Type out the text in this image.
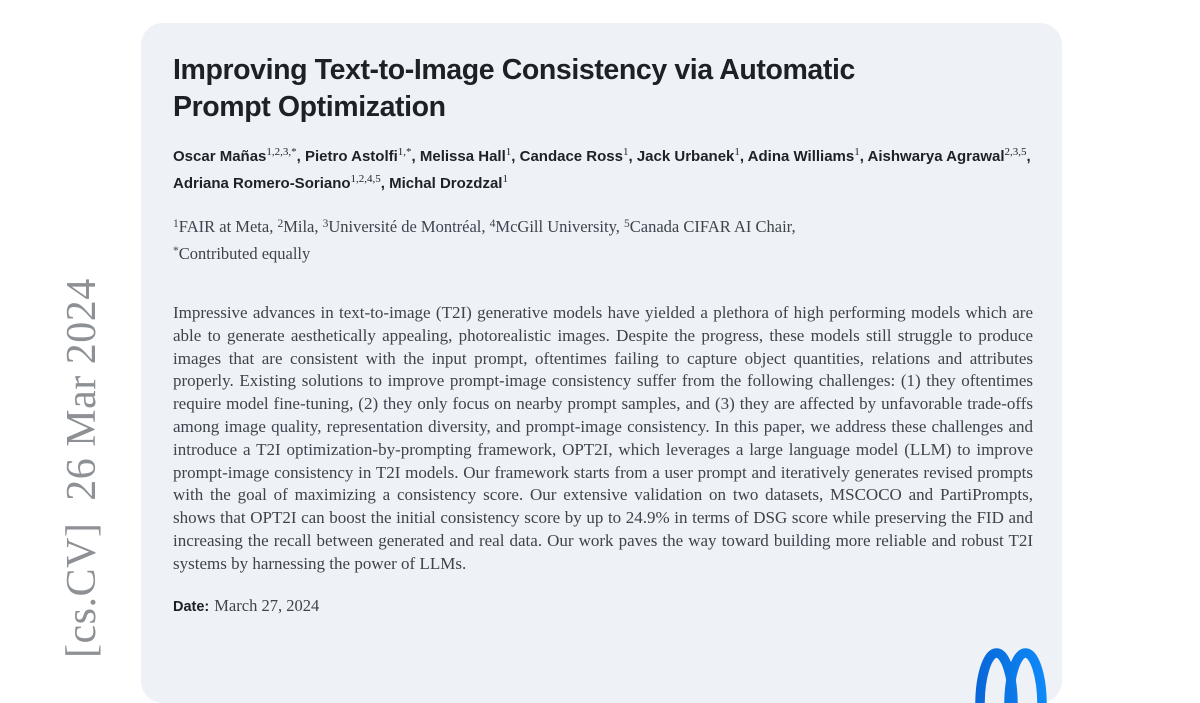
[cs.CV]  26 Mar 2024
Improving Text-to-Image Consistency via Automatic Prompt Optimization
Oscar Mañas$^{1,2,3,*}$ , Pietro Astolfi$^{1,*}$ , Melissa Hall$^1$ , Candace Ross$^1$ , Jack Urbanek$^1$ , Adina Williams$^1$ , Aishwarya Agrawal$^{2,3,5}$ , Adriana Romero-Soriano$^{1,2,4,5}$ , Michal Drozdzal$^1$
$^1$FAIR at Meta , $^2$Mila , $^3$Université de Montréal , $^4$McGill University , $^5$Canada CIFAR AI Chair ,
*Contributed equally

Impressive advances in text-to-image (T2I) generative models have yielded a plethora of high performing models which are able to generate aesthetically appealing, photorealistic images. Despite the progress, these models still struggle to produce images that are consistent with the input prompt, oftentimes failing to capture object quantities, relations and attributes properly. Existing solutions to improve prompt-image consistency suffer from the following challenges: (1) they oftentimes require model fine-tuning, (2) they only focus on nearby prompt samples, and (3) they are affected by unfavorable trade-offs among image quality, representation diversity, and prompt-image consistency. In this paper, we address these challenges and introduce a T2I optimization-by-prompting framework, OPT2I, which leverages a large language model (LLM) to improve prompt-image consistency in T2I models. Our framework starts from a user prompt and iteratively generates revised prompts with the goal of maximizing a consistency score. Our extensive validation on two datasets, MSCOCO and PartiPrompts, shows that OPT2I can boost the initial consistency score by up to 24.9% in terms of DSG score while preserving the FID and increasing the recall between generated and real data. Our work paves the way toward building more reliable and robust T2I systems by harnessing the power of LLMs.

Date: March 27, 2024
